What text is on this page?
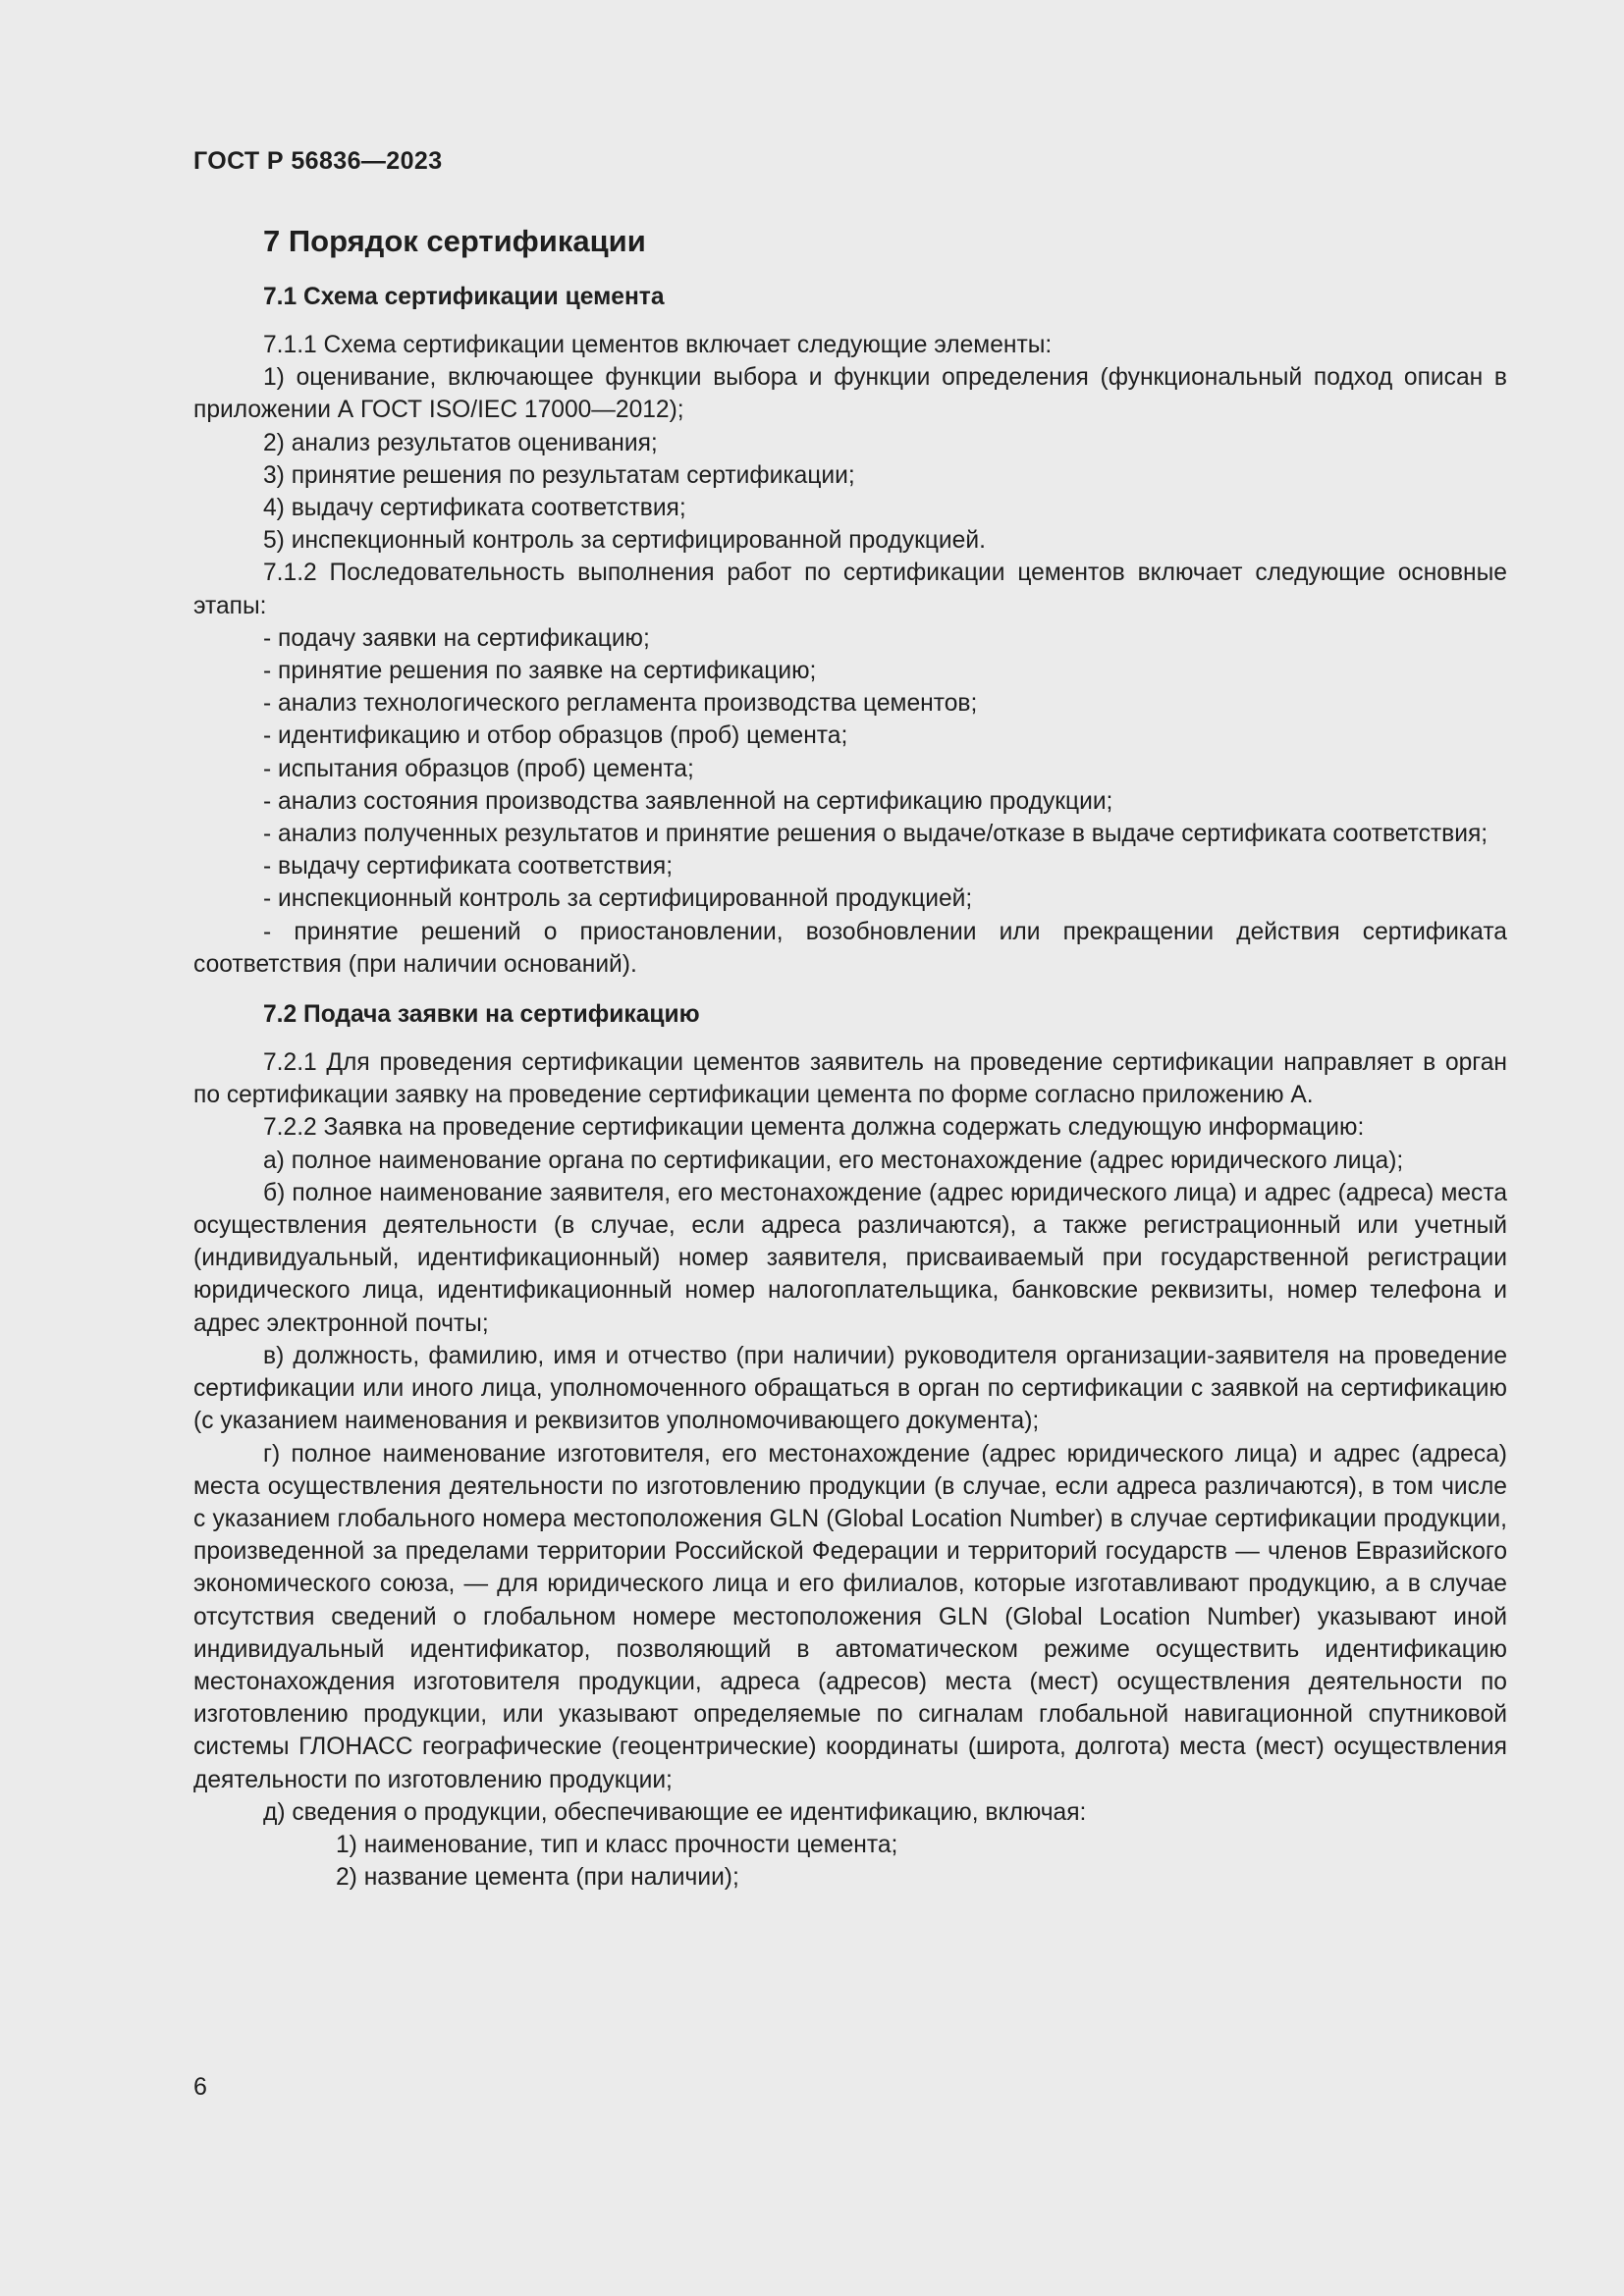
ГОСТ Р 56836—2023
7 Порядок сертификации
7.1 Схема сертификации цемента

7.1.1 Схема сертификации цементов включает следующие элементы:

1) оценивание, включающее функции выбора и функции определения (функциональный подход описан в приложении А ГОСТ ISO/IEC 17000—2012);

2) анализ результатов оценивания;

3) принятие решения по результатам сертификации;

4) выдачу сертификата соответствия;

5) инспекционный контроль за сертифицированной продукцией.

7.1.2 Последовательность выполнения работ по сертификации цементов включает следующие основные этапы:

- подачу заявки на сертификацию;

- принятие решения по заявке на сертификацию;

- анализ технологического регламента производства цементов;

- идентификацию и отбор образцов (проб) цемента;

- испытания образцов (проб) цемента;

- анализ состояния производства заявленной на сертификацию продукции;

- анализ полученных результатов и принятие решения о выдаче/отказе в выдаче сертификата соответствия;

- выдачу сертификата соответствия;

- инспекционный контроль за сертифицированной продукцией;

- принятие решений о приостановлении, возобновлении или прекращении действия сертификата соответствия (при наличии оснований).

7.2 Подача заявки на сертификацию

7.2.1 Для проведения сертификации цементов заявитель на проведение сертификации направляет в орган по сертификации заявку на проведение сертификации цемента по форме согласно приложению А.

7.2.2 Заявка на проведение сертификации цемента должна содержать следующую информацию:

а) полное наименование органа по сертификации, его местонахождение (адрес юридического лица);

б) полное наименование заявителя, его местонахождение (адрес юридического лица) и адрес (адреса) места осуществления деятельности (в случае, если адреса различаются), а также регистрационный или учетный (индивидуальный, идентификационный) номер заявителя, присваиваемый при государственной регистрации юридического лица, идентификационный номер налогоплательщика, банковские реквизиты, номер телефона и адрес электронной почты;

в) должность, фамилию, имя и отчество (при наличии) руководителя организации-заявителя на проведение сертификации или иного лица, уполномоченного обращаться в орган по сертификации с заявкой на сертификацию (с указанием наименования и реквизитов уполномочивающего документа);

г) полное наименование изготовителя, его местонахождение (адрес юридического лица) и адрес (адреса) места осуществления деятельности по изготовлению продукции (в случае, если адреса различаются), в том числе с указанием глобального номера местоположения GLN (Global Location Number) в случае сертификации продукции, произведенной за пределами территории Российской Федерации и территорий государств — членов Евразийского экономического союза, — для юридического лица и его филиалов, которые изготавливают продукцию, а в случае отсутствия сведений о глобальном номере местоположения GLN (Global Location Number) указывают иной индивидуальный идентификатор, позволяющий в автоматическом режиме осуществить идентификацию местонахождения изготовителя продукции, адреса (адресов) места (мест) осуществления деятельности по изготовлению продукции, или указывают определяемые по сигналам глобальной навигационной спутниковой системы ГЛОНАСС географические (геоцентрические) координаты (широта, долгота) места (мест) осуществления деятельности по изготовлению продукции;

д) сведения о продукции, обеспечивающие ее идентификацию, включая:

1) наименование, тип и класс прочности цемента;

2) название цемента (при наличии);

6
